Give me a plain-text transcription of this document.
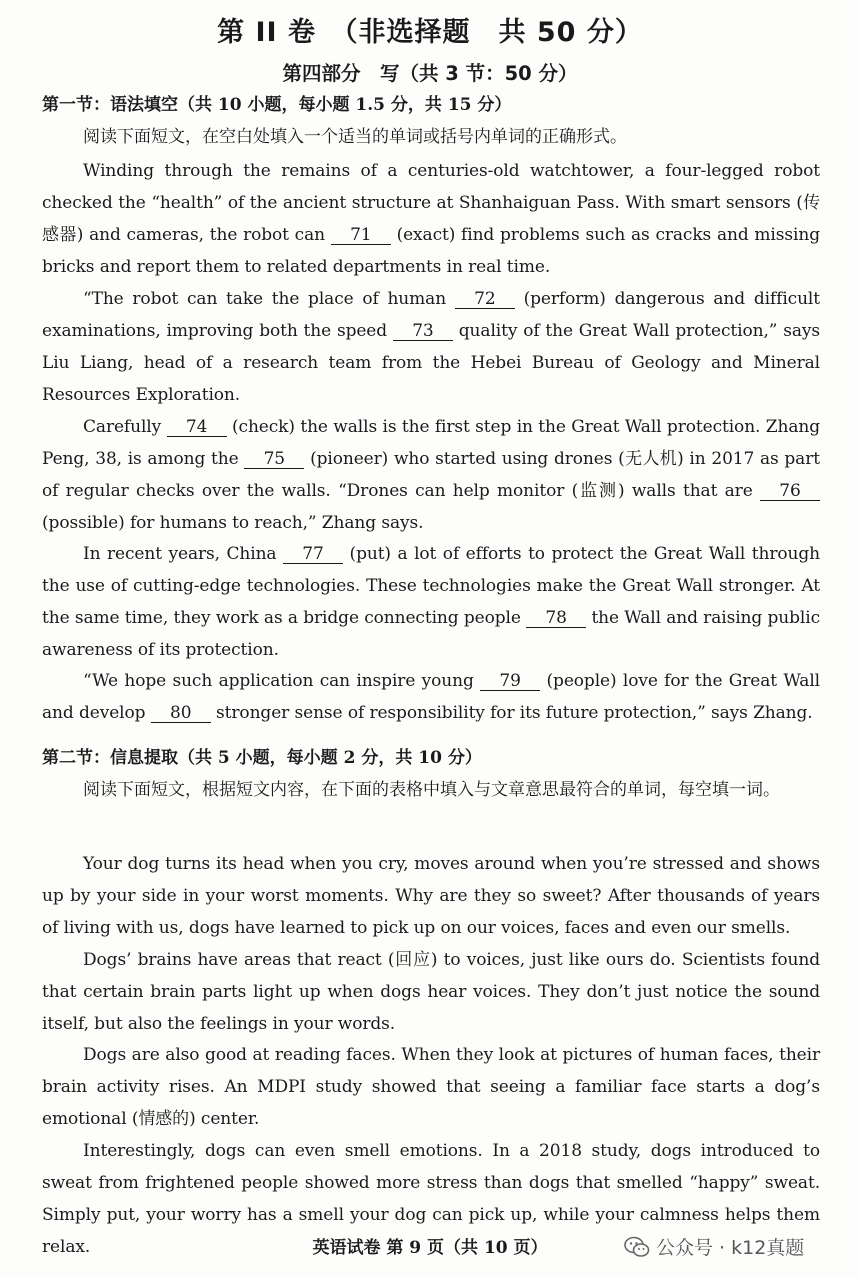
第 II 卷　（非选择题　共 50 分）
第四部分　写（共 3 节：50 分）
第一节：语法填空（共 10 小题，每小题 1.5 分，共 15 分）
阅读下面短文，在空白处填入一个适当的单词或括号内单词的正确形式。
Winding through the remains of a centuries-old watchtower, a four-legged robot checked the “health” of the ancient structure at Shanhaiguan Pass. With smart sensors (传感器) and cameras, the robot can 71 (exact) find problems such as cracks and missing bricks and report them to related departments in real time.
“The robot can take the place of human 72 (perform) dangerous and difficult examinations, improving both the speed 73 quality of the Great Wall protection,” says Liu Liang, head of a research team from the Hebei Bureau of Geology and Mineral Resources Exploration.
Carefully 74 (check) the walls is the first step in the Great Wall protection. Zhang Peng, 38, is among the 75 (pioneer) who started using drones (无人机) in 2017 as part of regular checks over the walls. “Drones can help monitor (监测) walls that are 76 (possible) for humans to reach,” Zhang says.
In recent years, China 77 (put) a lot of efforts to protect the Great Wall through the use of cutting-edge technologies. These technologies make the Great Wall stronger. At the same time, they work as a bridge connecting people 78 the Wall and raising public awareness of its protection.
“We hope such application can inspire young 79 (people) love for the Great Wall and develop 80 stronger sense of responsibility for its future protection,” says Zhang.
第二节：信息提取（共 5 小题，每小题 2 分，共 10 分）
阅读下面短文，根据短文内容，在下面的表格中填入与文章意思最符合的单词，每空填一词。
Your dog turns its head when you cry, moves around when you’re stressed and shows up by your side in your worst moments. Why are they so sweet? After thousands of years of living with us, dogs have learned to pick up on our voices, faces and even our smells.
Dogs’ brains have areas that react (回应) to voices, just like ours do. Scientists found that certain brain parts light up when dogs hear voices. They don’t just notice the sound itself, but also the feelings in your words.
Dogs are also good at reading faces. When they look at pictures of human faces, their brain activity rises. An MDPI study showed that seeing a familiar face starts a dog’s emotional (情感的) center.
Interestingly, dogs can even smell emotions. In a 2018 study, dogs introduced to sweat from frightened people showed more stress than dogs that smelled “happy” sweat. Simply put, your worry has a smell your dog can pick up, while your calmness helps them relax.	英语试卷 第 9 页（共 10 页）	公众号 · k12真题
